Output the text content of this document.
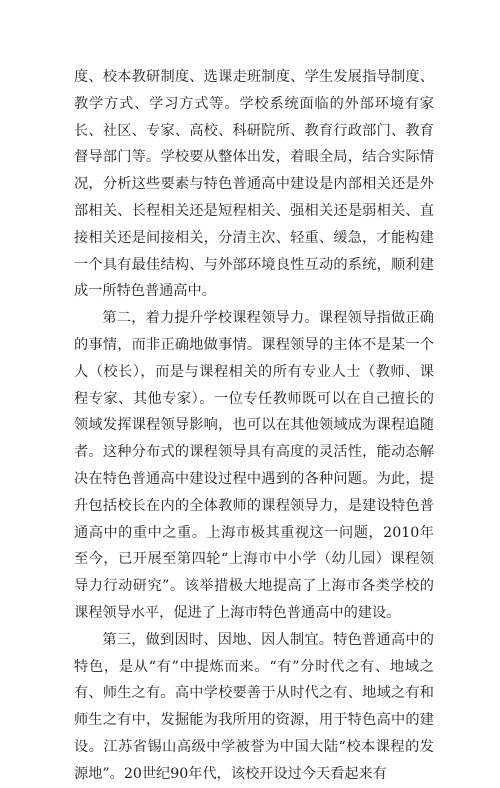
度、校本教研制度、选课走班制度、学生发展指导制度、教学方式、学习方式等。学校系统面临的外部环境有家长、社区、专家、高校、科研院所、教育行政部门、教育督导部门等。学校要从整体出发，着眼全局，结合实际情况，分析这些要素与特色普通高中建设是内部相关还是外部相关、长程相关还是短程相关、强相关还是弱相关、直接相关还是间接相关，分清主次、轻重、缓急，才能构建一个具有最佳结构、与外部环境良性互动的系统，顺利建成一所特色普通高中。

第二，着力提升学校课程领导力。课程领导指做正确的事情，而非正确地做事情。课程领导的主体不是某一个人（校长），而是与课程相关的所有专业人士（教师、课程专家、其他专家）。一位专任教师既可以在自己擅长的领域发挥课程领导影响，也可以在其他领域成为课程追随者。这种分布式的课程领导具有高度的灵活性，能动态解决在特色普通高中建设过程中遇到的各种问题。为此，提升包括校长在内的全体教师的课程领导力，是建设特色普通高中的重中之重。上海市极其重视这一问题，2010年至今，已开展至第四轮“上海市中小学（幼儿园）课程领导力行动研究”。该举措极大地提高了上海市各类学校的课程领导水平，促进了上海市特色普通高中的建设。

第三，做到因时、因地、因人制宜。特色普通高中的特色，是从“有”中提炼而来。“有”分时代之有、地域之有、师生之有。高中学校要善于从时代之有、地域之有和师生之有中，发掘能为我所用的资源，用于特色高中的建设。江苏省锡山高级中学被誉为中国大陆“校本课程的发源地”。20世纪90年代，该校开设过今天看起来有
